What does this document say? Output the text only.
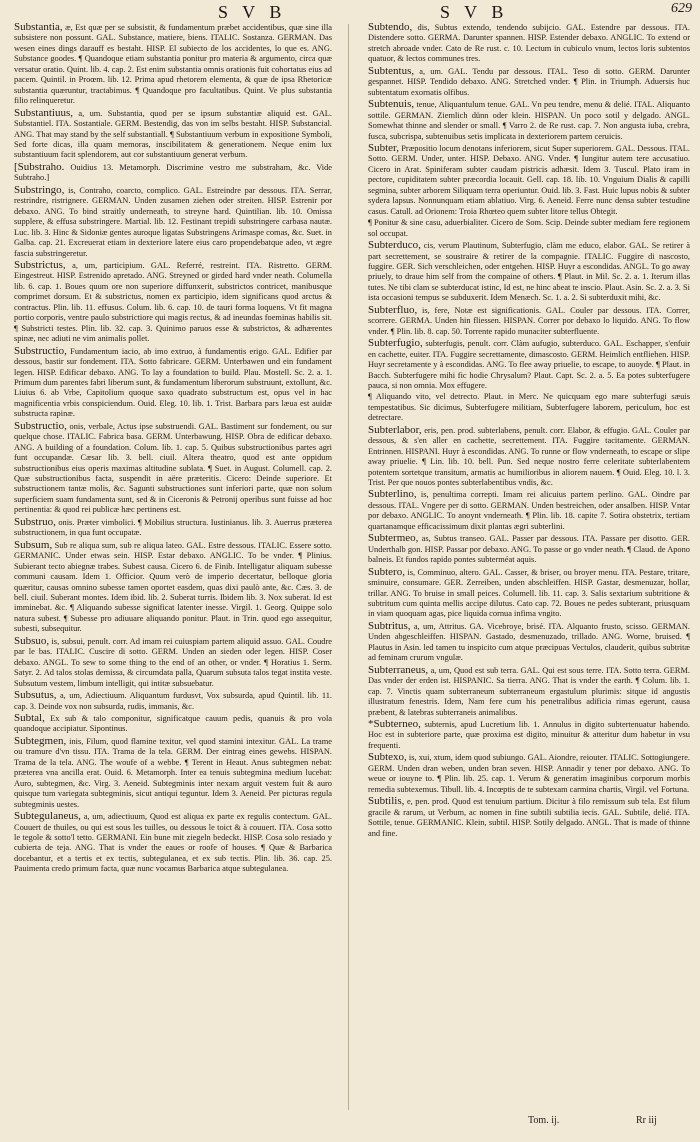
S V B	S V B	629

Substantia, æ, Est quæ per se subsistit, & fundamentum præbet accidentibus, quæ sine illa subsistere non possunt. GAL. Substance, matiere, biens. ITALIC. Sostanza. GERMAN. Das wesen eines dings darauff es bestaht. HISP. El subiecto de los accidentes, lo que es. ANG. Substance goodes. ¶ Quandoque etiam substantia ponitur pro materia & argumento, circa quæ versatur oratio. Quint. lib. 4. cap. 2. Est enim substantia omnis orationis fuit cohortatus eius ad pacem. Quintil. in Proœm. lib. 12. Prima apud rhetorem elementa, & quæ de ipsa Rhetoricæ substantia quæruntur, tractabimus. ¶ Quandoque pro facultatibus. Quint. Ve plus substantia filio relinqueretur.

Substantiuus, a, um. Substantia, quod per se ipsum substantiæ aliquid est. GAL. Substantiel. ITA. Sostantiale. GERM. Bestendig, das von im selbs bestaht. HISP. Substancial. ANG. That may stand by the self substantiall. ¶ Substantiuum verbum in expositione Symboli, Sed forte dicas, illa quam memoras, inscibilitatem & generationem. Neque enim lux substantiuum facit splendorem, aut cor substantiuum generat verbum.

[Substraho. Ouidius 13. Metamorph. Discrimine vestro me substraham, &c. Vide Subtraho.]

Substringo, is, Contraho, coarcto, complico. GAL. Estreindre par dessous. ITA. Serrar, restrindre, ristrignere. GERMAN. Unden zusamen ziehen oder streiten. HISP. Estrenir por debaxo. ANG. To bind straitly underneath, to streyne hard. Quintilian. lib. 10. Omissa supplere, & effusa substringere. Martial. lib. 12. Festinant trepidi substringere carbasa nautæ. Luc. lib. 3. Hinc & Sidoniæ gentes auroque ligatas Substringens Arimaspe comas, &c. Suet. in Galba. cap. 21. Excreuerat etiam in dexteriore latere eius caro propendebatque adeo, vt ægre fascia substringeretur.

Substrictus, a, um, participium. GAL. Referré, restreint. ITA. Ristretto. GERM. Eingestreut. HISP. Estrenido apretado. ANG. Streyned or girded hard vnder neath. Columella lib. 6. cap. 1. Boues quum ore non superiore diffunxerit, substrictos contricet, manibusque comprimet dorsum. Et & substrictus, nomen ex participio, idem significans quod arctus & contractus. Plin. lib. 11. effusus. Colum. lib. 6. cap. 10. de tauri forma loquens. Vt fit magna portio corporis, ventre paulo substrictiore qui magis rectus, & ad ineundas foeminas habilis sit. ¶ Substricti testes. Plin. lib. 32. cap. 3. Quinimo paruos esse & substrictos, & adhærentes spinæ, nec adiuti ne vim animalis pollet.

Substructio, Fundamentum iacio, ab imo extruo, à fundamentis erigo. GAL. Edifier par dessous, bastir sur fondement. ITA. Sotto fabricare. GERM. Unterbawen und ein fundament legen. HISP. Edificar debaxo. ANG. To lay a foundation to build. Plau. Mostell. Sc. 2. a. 1. Primum dum parentes fabri liberum sunt, & fundamentum liberorum substruunt, extollunt, &c. Liuius 6. ab Vrbe, Capitolium quoque saxo quadrato substructum est, opus vel in hac magnificentia vrbis conspiciendum. Ouid. Eleg. 10. lib. 1. Trist. Barbara pars læua est auidæ substructa rapinæ.

Substructio, onis, verbale, Actus ipse substruendi. GAL. Bastiment sur fondement, ou sur quelque chose. ITALIC. Fabrica basa. GERM. Unterbawung. HISP. Obra de edificar debaxo. ANG. A building of a foundation. Colum. lib. 1. cap. 5. Quibus substructionibus partes agri funt occupandæ. Cæsar lib. 3. bell. ciuil. Altera theatro, quod est ante oppidum substructionibus eius operis maximas altitudine sublata. ¶ Suet. in August. Columell. cap. 2. Quæ substructionibus facta, suspendit in aëre præteritis. Cicero: Deinde superiore. Et substructionem tantæ molis, &c. Sagunti substructiones sunt inferiori parte, quæ non solum superficiem suam fundamenta sunt, sed & in Ciceronis & Petronij operibus sunt fuisse ad hoc pertinentia: & quod rei publicæ hæc pertinens est.

Substruo, onis. Præter vimbolici. ¶ Mobilius structura. Iustinianus. lib. 3. Auerrus præterea substructionem, in qua funt occupatæ.

Subsum, Sub re aliqua sum, sub re aliqua lateo. GAL. Estre dessous. ITALIC. Essere sotto. GERMANIC. Under etwas sein. HISP. Estar debaxo. ANGLIC. To be vnder. ¶ Plinius. Subierant tecto abiegnæ trabes. Subest causa. Cicero 6. de Finib. Intelligatur aliquam subesse communi causam. Idem 1. Officior. Quum verò de imperio decertatur, belloque gloria quæritur, causas omnino subesse tamen oportet easdem, quas dixi paulò ante, &c. Cæs. 3. de bell. ciuil. Suberant montes. Idem ibid. lib. 2. Suberat turris. Ibidem lib. 3. Nox suberat. Id est imminebat. &c. ¶ Aliquando subesse significat latenter inesse. Virgil. 1. Georg. Quippe solo natura subest. ¶ Subesse pro adiuuare aliquando ponitur. Plaut. in Trin. quod ego assequitur, subesti, subsequitur.

Subsuo, is, subsui, penult. corr. Ad imam rei cuiuspiam partem aliquid assuo. GAL. Coudre par le bas. ITALIC. Cuscire di sotto. GERM. Unden an sieden oder legen. HISP. Coser debaxo. ANGL. To sew to some thing to the end of an other, or vnder. ¶ Horatius 1. Serm. Satyr. 2. Ad talos stolas demissa, & circumdata palla, Quarum subsuta talos tegat instita veste. Subsutum vestem, limbum intelligit, qui intitæ subsuebatur.

Subsutus, a, um, Adiectiuum. Aliquantum furdusvt, Vox subsurda, apud Quintil. lib. 11. cap. 3. Deinde vox non subsurda, rudis, immanis, &c.

Subtal, Ex sub & talo componitur, significatque cauum pedis, quanuis & pro vola quandoque accipiatur. Sipontinus.

Subtegmen, inis, Filum, quod flamine texitur, vel quod stamini intexitur. GAL. La trame ou tramure d'vn tissu. ITA. Trama de la tela. GERM. Der eintrag eines gewebs. HISPAN. Trama de la tela. ANG. The woufe of a webbe. ¶ Terent in Heaut. Anus subtegmen nebat: præterea vna ancilla erat. Ouid. 6. Metamorph. Inter ea tenuis subtegmina medium lucebat: Auro, subtegmen, &c. Virg. 3. Aeneid. Subtegminis inter nexam arguit vestem fuit & auro quisque tum variegata subtegminis, sicut antiqui teguntur. Idem 3. Aeneid. Per picturas regula subtegminis uestes.

Subtegulaneus, a, um, adiectiuum, Quod est aliqua ex parte ex regulis contectum. GAL. Couuert de thuiles, ou qui est sous les tuilles, ou dessous le toict & à couuert. ITA. Cosa sotto le tegole & sotto'l tetto. GERMANI. Ein bune mit ziegeln bedeckt. HISP. Cosa solo resiado y cubierta de teja. ANG. That is vnder the eaues or roofe of houses. ¶ Quæ & Barbarica docebantur, et a tertis et ex tectis, subtegulanea, et ex sub tectis. Plin. lib. 36. cap. 25. Pauimenta credo primum facta, quæ nunc vocamus Barbarica atque subtegulanea.

Subtendo, dis, Subtus extendo, tendendo subijcio. GAL. Estendre par dessous. ITA. Distendere sotto. GERMA. Darunter spannen. HISP. Estender debaxo. ANGLIC. To extend or stretch abroade vnder. Cato de Re rust. c. 10. Lectum in cubiculo vnum, lectos loris subtentos quatuor, & lectos communes tres.

Subtentus, a, um. GAL. Tendu par dessous. ITAL. Teso di sotto. GERM. Darunter gespannet. HISP. Tendido debaxo. ANG. Stretched vnder. ¶ Plin. in Triumph. Aduersis huc subtentatum exornatis olfibus.

Subtenuis, tenue, Aliquantulum tenue. GAL. Vn peu tendre, menu & delié. ITAL. Aliquanto sottile. GERMAN. Ziemlich dünn oder klein. HISPAN. Un poco sotil y delgado. ANGL. Somewhat thinne and slender or small. ¶ Varro 2. de Re rust. cap. 7. Non angusta iuba, crebra, fusca, subcrispa, subtenuibus setis implicata in dexteriorem partem ceruicis.

Subter, Præpositio locum denotans inferiorem, sicut Super superiorem. GAL. Dessous. ITAL. Sotto. GERM. Under, unter. HISP. Debaxo. ANG. Vnder. ¶ Iungitur autem tere accusatiuo. Cicero in Arat. Spiniferam subter caudam pistricis adhæsit. Idem 3. Tuscul. Plato iram in pectore, cupiditatem subter præcordia locauit. Gell. cap. 18. lib. 10. Vnguium Dialis & capilli segmina, subter arborem Siliquam terra operiuntur. Ouid. lib. 3. Fast. Huic lupus nobis & subter sydera lapsus. Nonnunquam etiam ablatiuo. Virg. 6. Aeneid. Ferre nunc densa subter testudine casus. Catull. ad Orionem: Troia Rhœteo quem subter litore tellus Obtegit.

¶ Ponitur & sine casu, aduerbialiter. Cicero de Som. Scip. Deinde subter mediam fere regionem sol occupat.

Subterduco, cis, verum Plautinum, Subterfugio, clàm me educo, elabor. GAL. Se retirer à part secrettement, se soustraire & retirer de la compagnie. ITALIC. Fuggire di nascosto, fuggire. GER. Sich verschleichen, oder entgehen. HISP. Huyr a escondidas. ANGL. To go away priuely, to draue him self from the compaine of others. ¶ Plaut. in Mil. Sc. 2. a. 1. Iterum illas tutes. Ne tibi clam se subterducat istinc, Id est, ne hinc abeat te inscio. Plaut. Asin. Sc. 2. a. 3. Si ista occasioni tempus se subduxerit. Idem Menæch. Sc. 1. a. 2. Si subterduxit mihi, &c.

Subterfluo, is, fere, Notæ est significationis. GAL. Couler par dessous. ITA. Correr, scorrere. GERMA. Unden hin fliessen. HISPAN. Correr por debaxo lo liquido. ANG. To flow vnder. ¶ Plin. lib. 8. cap. 50. Torrente rapido munaciter subterfluente.

Subterfugio, subterfugis, penult. corr. Clàm aufugio, subterduco. GAL. Eschapper, s'enfuir en cachette, euiter. ITA. Fuggire secrettamente, dimascosto. GERM. Heimlich entfliehen. HISP. Huyr secretamente y à escondidas. ANG. To flee away priuelie, to escape, to auoyde. ¶ Plaut. in Bacch. Subterfugere mihi fic hodie Chrysalum? Plaut. Capt. Sc. 2. a. 5. Ea potes subterfugere pauca, si non omnia. Mox effugere.

¶ Aliquando vito, vel detrecto. Plaut. in Merc. Ne quicquam ego mare subterfugi sæuis tempestatibus. Sic dicimus, Subterfugere militiam, Subterfugere laborem, periculum, hoc est detrectare.

Subterlabor, eris, pen. prod. subterlabens, penult. corr. Elabor, & effugio. GAL. Couler par dessous, & s'en aller en cachette, secrettement. ITA. Fuggire tacitamente. GERMAN. Entrinnen. HISPANI. Huyr à escondidas. ANG. To runne or flow vnderneath, to escape or slipe away priuelie. ¶ Lin. lib. 10. bell. Pun. Sed neque nostro ferre celeritate subterlabentem potentem sortetque transitum, armatis ac humilioribus in aliorem nauem. ¶ Ouid. Eleg. 10. l. 3. Trist. Per que nouos pontes subterlabentibus vndis, &c.

Subterlino, is, penultima correpti. Imam rei alicuius partem perlino. GAL. Oindre par dessous. ITAL. Vngere per di sotto. GERMAN. Unden bestreichen, oder ansalben. HISP. Vntar por debaxo. ANGLIC. To anoynt vnderneath. ¶ Plin. lib. 18. capite 7. Sotira obstetrix, tertiam quartanamque efficacissimum dixit plantas ægri subterlini.

Subtermeo, as, Subtus transeo. GAL. Passer par dessous. ITA. Passare per disotto. GER. Underthalb gon. HISP. Passar por debaxo. ANG. To passe or go vnder neath. ¶ Claud. de Apono balneis. Et fundos rapido pontes subterméat aquis.

Subtero, is, Comminuo, altero. GAL. Casser, & briser, ou broyer menu. ITA. Pestare, tritare, sminuire, consumare. GER. Zerreiben, unden abschleiffen. HISP. Gastar, desmenuzar, hollar, trillar. ANG. To bruise in small peices. Columell. lib. 11. cap. 3. Salis sextarium subtritione & subtritum cum quinta mellis accipe dilutus. Cato cap. 72. Boues ne pedes subterant, priusquam in viam quoquam agas, pice liquida cornua infima vngito.

Subtritus, a, um, Attritus. GA. Vicebroye, brisé. ITA. Alquanto frusto, scisso. GERMAN. Unden abgeschleiffen. HISPAN. Gastado, desmenuzado, trillado. ANG. Worne, bruised. ¶ Plautus in Asin. led tamen tu inspicito cum atque præcipuas Vectulos, clauderit, quibus subtritæ ad feminam crurum vngulæ.

Subterraneus, a, um, Quod est sub terra. GAL. Qui est sous terre. ITA. Sotto terra. GERM. Das vnder der erden ist. HISPANIC. Sa tierra. ANG. That is vnder the earth. ¶ Colum. lib. 1. cap. 7. Vinctis quam subterraneum subterraneum ergastulum plurimis: sitque id angustis illustratum fenestris. Idem, Nam fere cum his penetralibus adificia rimas egerunt, causa præbent, & latebras subterraneis animalibus.

*Subterneo, subternis, apud Lucretium lib. 1. Annulus in digito subtertenuatur habendo. Hoc est in subteriore parte, quæ proxima est digito, minuitur & atteritur dum habetur in vsu frequenti.

Subtexo, is, xui, xtum, idem quod subiungo. GAL. Aiondre, reiouter. ITALIC. Sottogiungere. GERM. Unden dran weben, unden bran seven. HISP. Annadir y tener por debaxo. ANG. To weue or iouyne to. ¶ Plin. lib. 25. cap. 1. Verum & generatim imaginibus corporum morbis remedia subtexemus. Tibull. lib. 4. Incœptis de te subtexam carmina chartis, Virgil. vel Fortuna.

Subtilis, e, pen. prod. Quod est tenuium partium. Dicitur à filo remissum sub tela. Est filum gracile & rarum, ut Verbum, ac nomen in fine subtili subtilia iecis. GAL. Subtile, delié. ITA. Sottile, tenue. GERMANIC. Klein, subtil. HISP. Sotily delgado. ANGL. That is made of thinne and fine.

Tom. ij.	Rr iij
